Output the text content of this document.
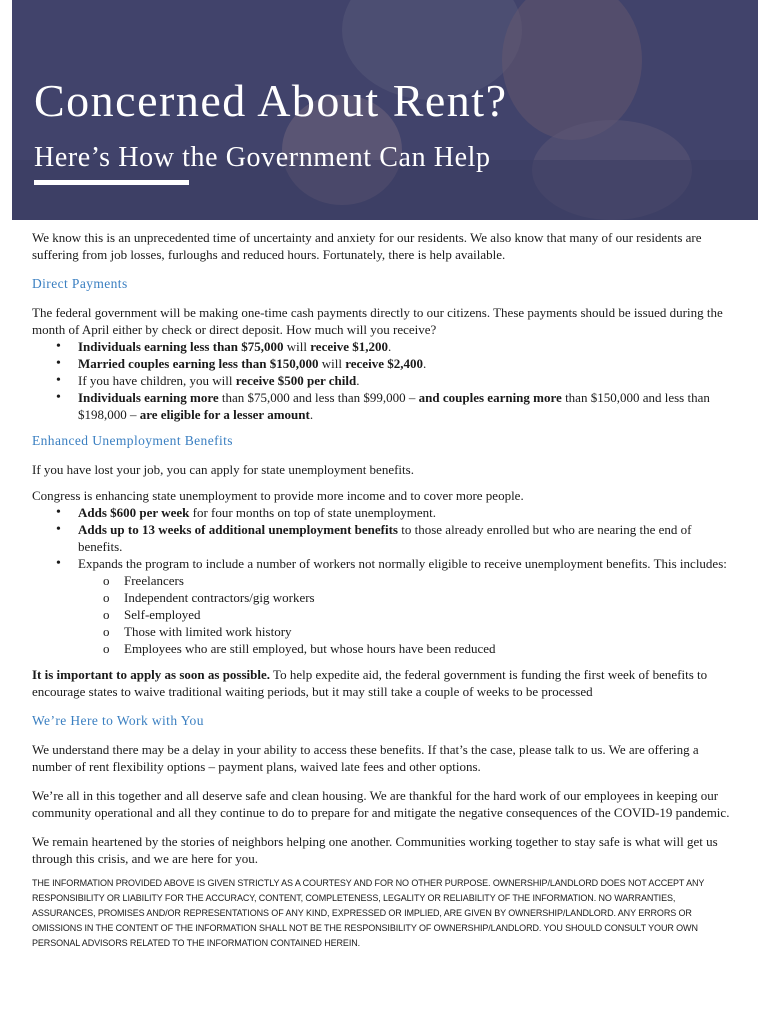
Concerned About Rent?
Here’s How the Government Can Help

We know this is an unprecedented time of uncertainty and anxiety for our residents. We also know that many of our residents are suffering from job losses, furloughs and reduced hours. Fortunately, there is help available.

Direct Payments

The federal government will be making one-time cash payments directly to our citizens. These payments should be issued during the month of April either by check or direct deposit. How much will you receive?

• Individuals earning less than $75,000 will receive $1,200.
• Married couples earning less than $150,000 will receive $2,400.
• If you have children, you will receive $500 per child.
• Individuals earning more than $75,000 and less than $99,000 – and couples earning more than $150,000 and less than $198,000 – are eligible for a lesser amount.

Enhanced Unemployment Benefits

If you have lost your job, you can apply for state unemployment benefits.

Congress is enhancing state unemployment to provide more income and to cover more people.

• Adds $600 per week for four months on top of state unemployment.
• Adds up to 13 weeks of additional unemployment benefits to those already enrolled but who are nearing the end of benefits.
• Expands the program to include a number of workers not normally eligible to receive unemployment benefits. This includes:
o Freelancers
o Independent contractors/gig workers
o Self-employed
o Those with limited work history
o Employees who are still employed, but whose hours have been reduced

It is important to apply as soon as possible. To help expedite aid, the federal government is funding the first week of benefits to encourage states to waive traditional waiting periods, but it may still take a couple of weeks to be processed

We’re Here to Work with You

We understand there may be a delay in your ability to access these benefits. If that’s the case, please talk to us. We are offering a number of rent flexibility options – payment plans, waived late fees and other options.

We’re all in this together and all deserve safe and clean housing. We are thankful for the hard work of our employees in keeping our community operational and all they continue to do to prepare for and mitigate the negative consequences of the COVID-19 pandemic.

We remain heartened by the stories of neighbors helping one another. Communities working together to stay safe is what will get us through this crisis, and we are here for you.

THE INFORMATION PROVIDED ABOVE IS GIVEN STRICTLY AS A COURTESY AND FOR NO OTHER PURPOSE. OWNERSHIP/LANDLORD DOES NOT ACCEPT ANY RESPONSIBILITY OR LIABILITY FOR THE ACCURACY, CONTENT, COMPLETENESS, LEGALITY OR RELIABILITY OF THE INFORMATION. NO WARRANTIES, ASSURANCES, PROMISES AND/OR REPRESENTATIONS OF ANY KIND, EXPRESSED OR IMPLIED, ARE GIVEN BY OWNERSHIP/LANDLORD. ANY ERRORS OR OMISSIONS IN THE CONTENT OF THE INFORMATION SHALL NOT BE THE RESPONSIBILITY OF OWNERSHIP/LANDLORD. YOU SHOULD CONSULT YOUR OWN PERSONAL ADVISORS RELATED TO THE INFORMATION CONTAINED HEREIN.
